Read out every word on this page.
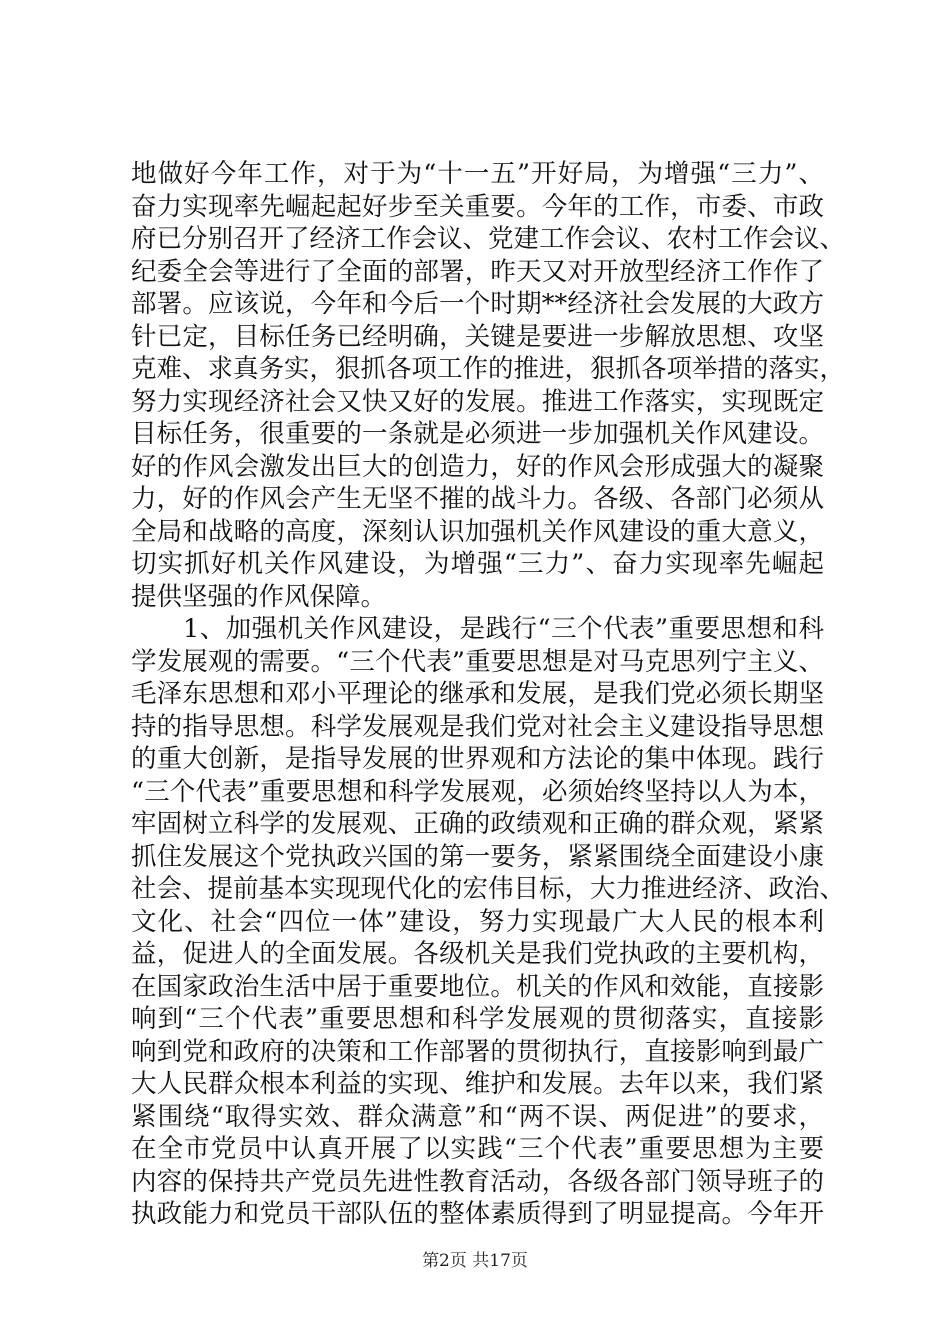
地做好今年工作，对于为“十一五”开好局，为增强“三力”、
奋力实现率先崛起起好步至关重要。今年的工作，市委、市政
府已分别召开了经济工作会议、党建工作会议、农村工作会议、
纪委全会等进行了全面的部署，昨天又对开放型经济工作作了
部署。应该说，今年和今后一个时期**经济社会发展的大政方
针已定，目标任务已经明确，关键是要进一步解放思想、攻坚
克难、求真务实，狠抓各项工作的推进，狠抓各项举措的落实，
努力实现经济社会又快又好的发展。推进工作落实，实现既定
目标任务，很重要的一条就是必须进一步加强机关作风建设。
好的作风会激发出巨大的创造力，好的作风会形成强大的凝聚
力，好的作风会产生无坚不摧的战斗力。各级、各部门必须从
全局和战略的高度，深刻认识加强机关作风建设的重大意义，
切实抓好机关作风建设，为增强“三力”、奋力实现率先崛起
提供坚强的作风保障。
1、加强机关作风建设，是践行“三个代表”重要思想和科
学发展观的需要。“三个代表”重要思想是对马克思列宁主义、
毛泽东思想和邓小平理论的继承和发展，是我们党必须长期坚
持的指导思想。科学发展观是我们党对社会主义建设指导思想
的重大创新，是指导发展的世界观和方法论的集中体现。践行
“三个代表”重要思想和科学发展观，必须始终坚持以人为本，
牢固树立科学的发展观、正确的政绩观和正确的群众观，紧紧
抓住发展这个党执政兴国的第一要务，紧紧围绕全面建设小康
社会、提前基本实现现代化的宏伟目标，大力推进经济、政治、
文化、社会“四位一体”建设，努力实现最广大人民的根本利
益，促进人的全面发展。各级机关是我们党执政的主要机构，
在国家政治生活中居于重要地位。机关的作风和效能，直接影
响到“三个代表”重要思想和科学发展观的贯彻落实，直接影
响到党和政府的决策和工作部署的贯彻执行，直接影响到最广
大人民群众根本利益的实现、维护和发展。去年以来，我们紧
紧围绕“取得实效、群众满意”和“两不误、两促进”的要求，
在全市党员中认真开展了以实践“三个代表”重要思想为主要
内容的保持共产党员先进性教育活动，各级各部门领导班子的
执政能力和党员干部队伍的整体素质得到了明显提高。今年开
第2页 共17页
